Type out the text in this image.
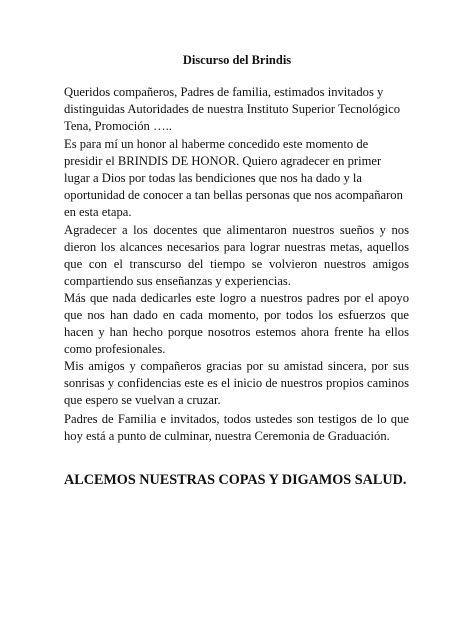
Discurso del Brindis

Queridos compañeros, Padres de familia, estimados invitados y distinguidas Autoridades de nuestra Instituto Superior Tecnológico Tena, Promoción …..

Es para mí un honor al haberme concedido este momento de presidir el BRINDIS DE HONOR. Quiero agradecer en primer lugar a Dios por todas las bendiciones que nos ha dado y la oportunidad de conocer a tan bellas personas que nos acompañaron en esta etapa.

Agradecer a los docentes que alimentaron nuestros sueños y nos dieron los alcances necesarios para lograr nuestras metas, aquellos que con el transcurso del tiempo se volvieron nuestros amigos compartiendo sus enseñanzas y experiencias.

Más que nada dedicarles este logro a nuestros padres por el apoyo que nos han dado en cada momento, por todos los esfuerzos que hacen y han hecho porque nosotros estemos ahora frente ha ellos como profesionales.

Mis amigos y compañeros gracias por su amistad sincera, por sus sonrisas y confidencias este es el inicio de nuestros propios caminos que espero se vuelvan a cruzar.

Padres de Familia e invitados, todos ustedes son testigos de lo que hoy está a punto de culminar, nuestra Ceremonia de Graduación.

ALCEMOS NUESTRAS COPAS Y DIGAMOS SALUD.
